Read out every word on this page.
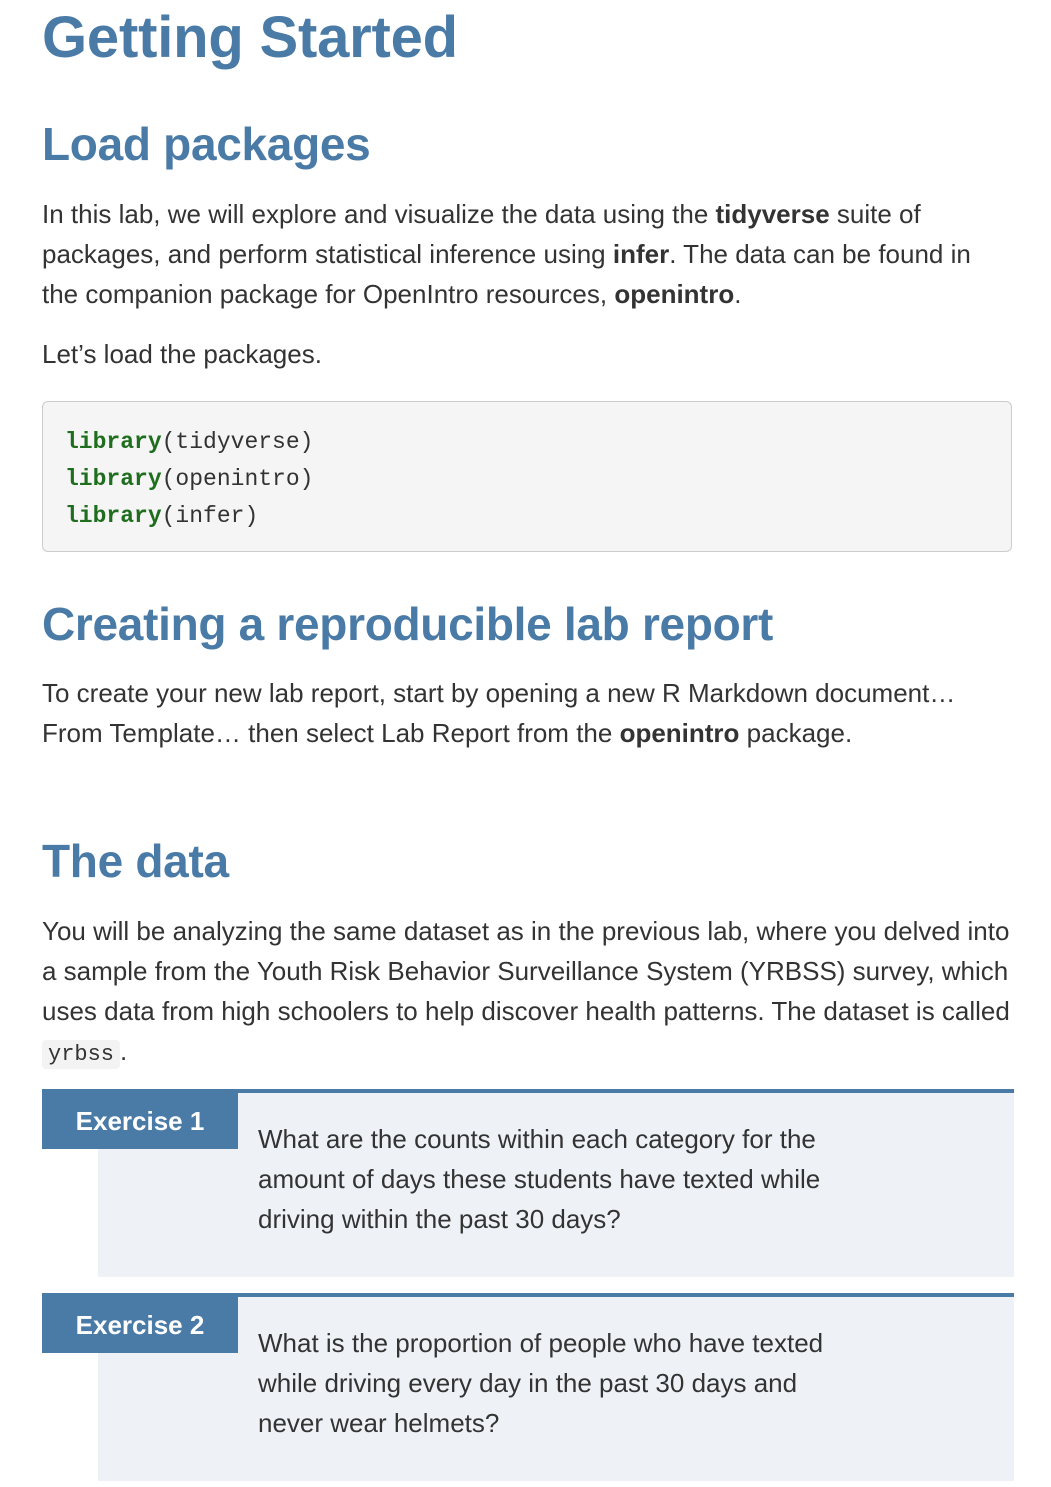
Getting Started
Load packages

In this lab, we will explore and visualize the data using the tidyverse suite of packages, and perform statistical inference using infer. The data can be found in the companion package for OpenIntro resources, openintro.

Let’s load the packages.

library(tidyverse)
library(openintro)
library(infer)
Creating a reproducible lab report

To create your new lab report, start by opening a new R Markdown document… From Template… then select Lab Report from the openintro package.

The data

You will be analyzing the same dataset as in the previous lab, where you delved into a sample from the Youth Risk Behavior Surveillance System (YRBSS) survey, which uses data from high schoolers to help discover health patterns. The dataset is called yrbss .

Exercise 1
What are the counts within each category for the amount of days these students have texted while driving within the past 30 days?
Exercise 2
What is the proportion of people who have texted while driving every day in the past 30 days and never wear helmets?
